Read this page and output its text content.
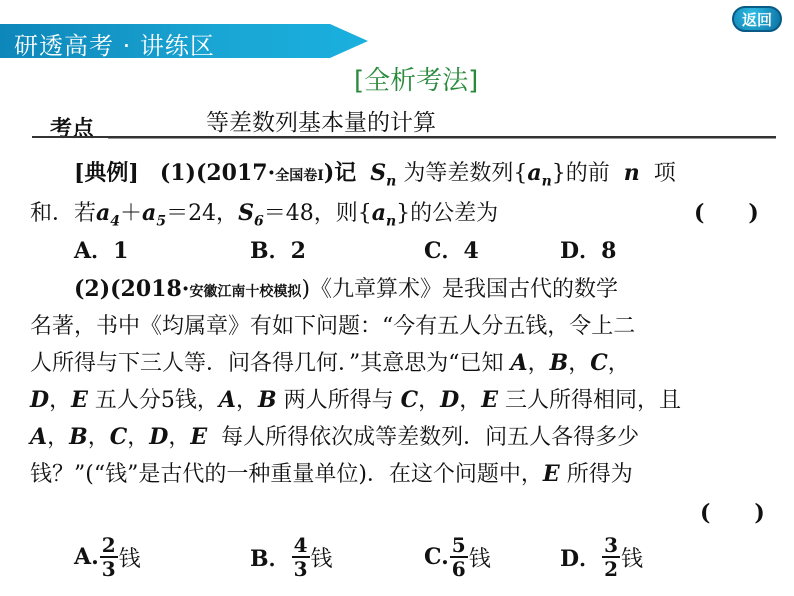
研透高考 · 讲练区
返回
[全析考法]
考点	等差数列基本量的计算
[典例] (1)(2017·全国卷Ⅰ)记 $S_n$ 为等差数列$\{a_n\}$的前 n 项
和．若$a_4+a_5=24$，$S_6=48$，则$\{a_n\}$的公差为	(　　)
A．1	B．2	C．4	D．8
(2)(2018·安徽江南十校模拟)《九章算术》是我国古代的数学
名著，书中《均属章》有如下问题：“今有五人分五钱，令上二
人所得与下三人等．问各得几何．”其意思为“已知 A，B，C，
D，E 五人分5钱，A，B 两人所得与 C，D，E 三人所得相同，且
A，B，C，D，E 每人所得依次成等差数列．问五人各得多少
钱？”(“钱”是古代的一种重量单位)．在这个问题中，E 所得为
(　　)
A. $\frac{2}{3}$ 钱	B． $\frac{4}{3}$ 钱	C. $\frac{5}{6}$ 钱	D． $\frac{3}{2}$ 钱
